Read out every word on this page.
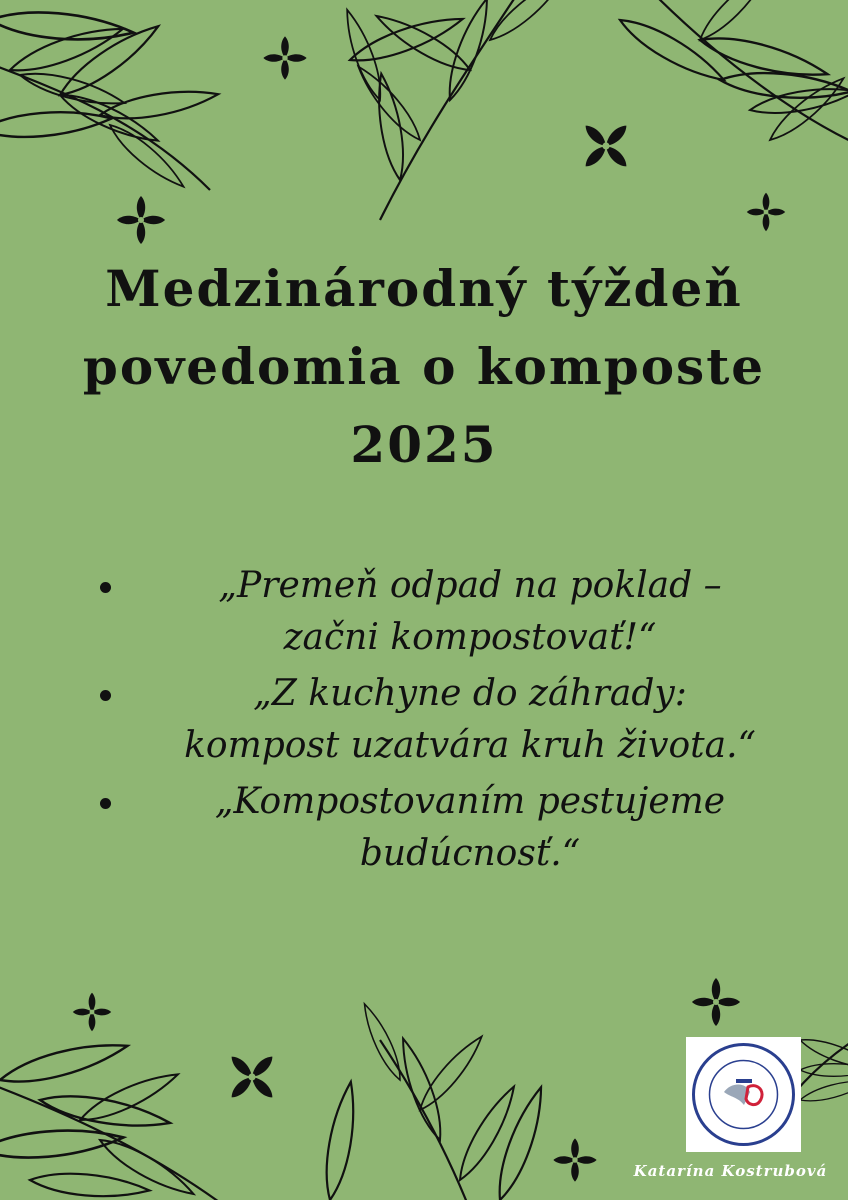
Medzinárodný týždeň
povedomia o komposte
2025
„Premeň odpad na poklad –
začni kompostovať!“
„Z kuchyne do záhrady:
kompost uzatvára kruh života.“
„Kompostovaním pestujeme
budúcnosť.“
Katarína Kostrubová
